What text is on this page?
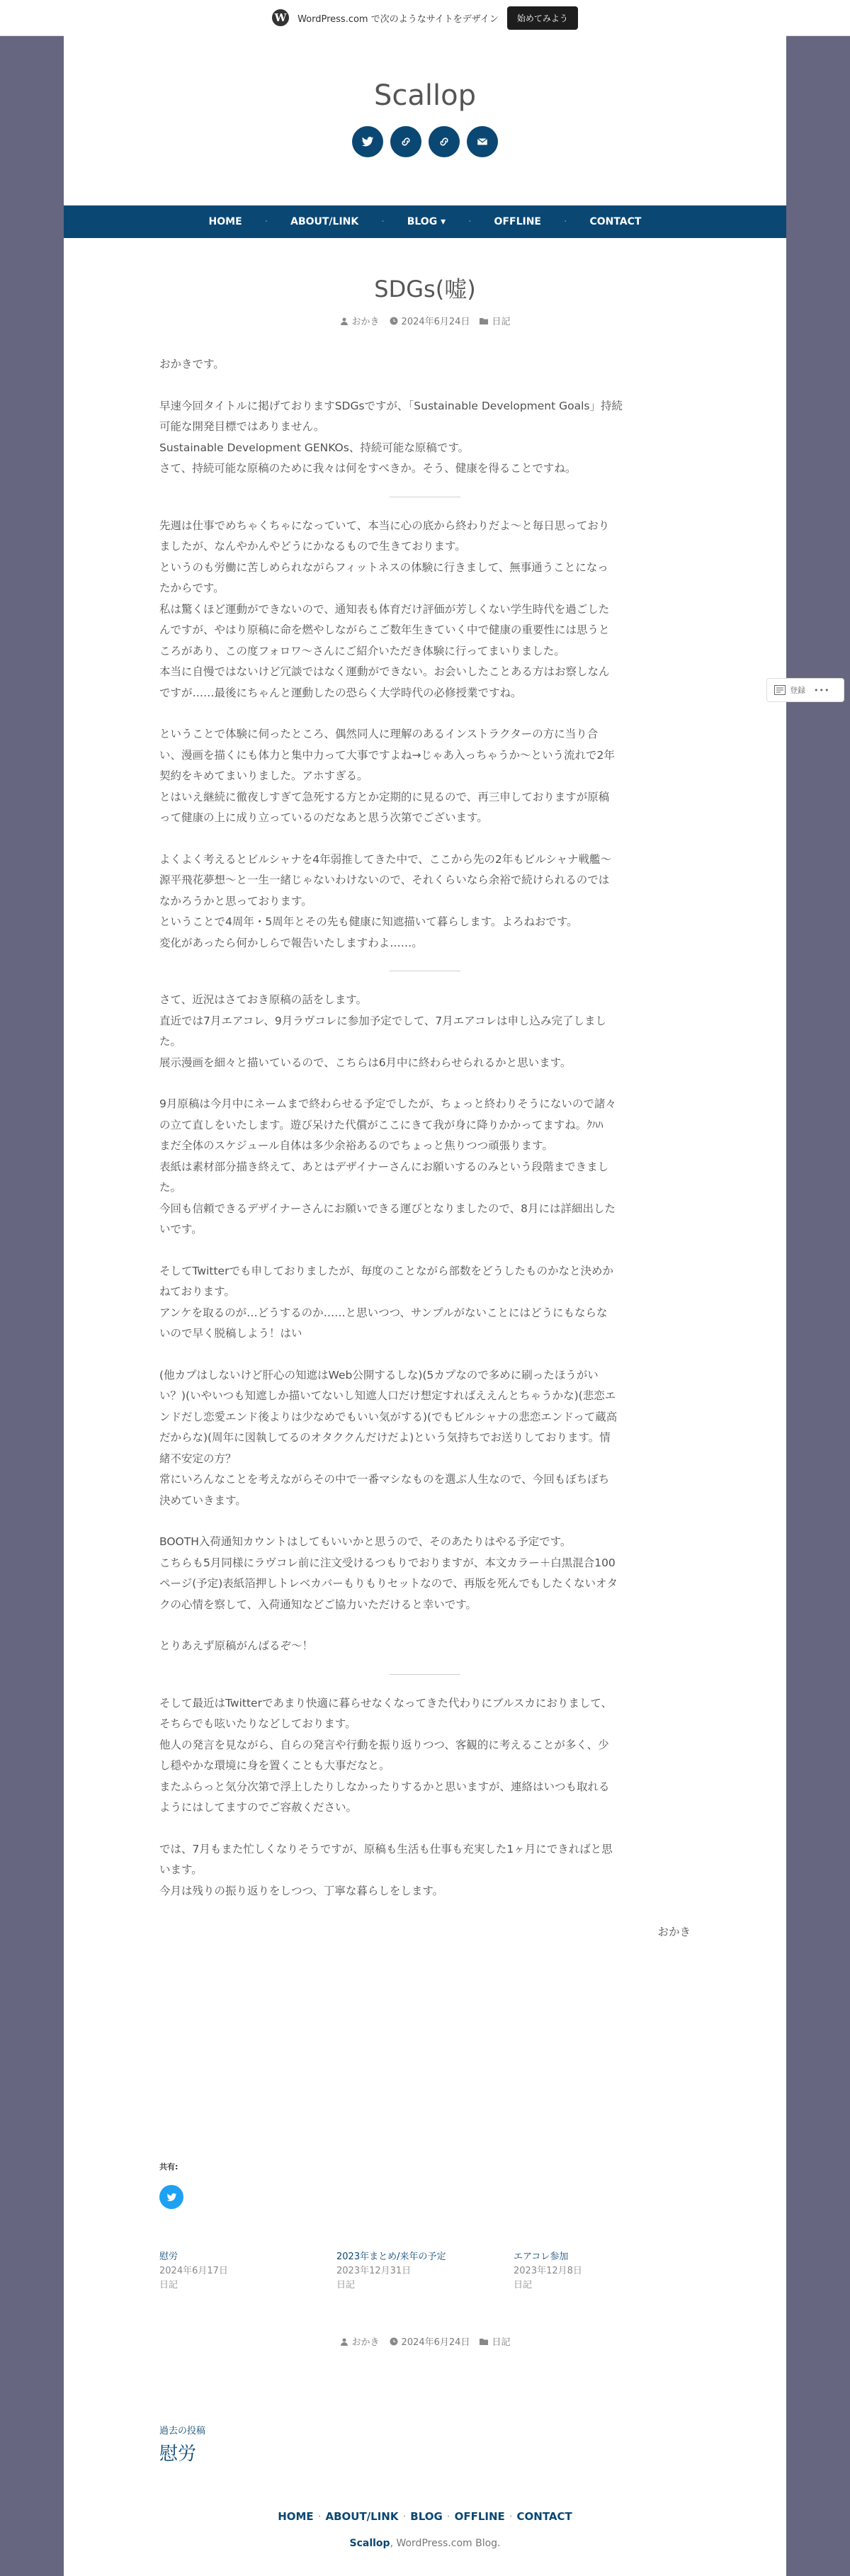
W WordPress.com で次のようなサイトをデザイン	始めてみよう
Scallop
HOME	·	ABOUT/LINK	·	BLOG ▾	·	OFFLINE	·	CONTACT
SDGs(嘘)
おかき 2024年6月24日 日記

おかきです。

早速今回タイトルに掲げておりますSDGsですが、「Sustainable Development Goals」持続
可能な開発目標ではありません。
Sustainable Development GENKOs、持続可能な原稿です。
さて、持続可能な原稿のために我々は何をすべきか。そう、健康を得ることですね。

先週は仕事でめちゃくちゃになっていて、本当に心の底から終わりだよ〜と毎日思っており
ましたが、なんやかんやどうにかなるもので生きております。
というのも労働に苦しめられながらフィットネスの体験に行きまして、無事通うことになっ
たからです。
私は驚くほど運動ができないので、通知表も体育だけ評価が芳しくない学生時代を過ごした
んですが、やはり原稿に命を燃やしながらこご数年生きていく中で健康の重要性には思うと
ころがあり、この度フォロワ〜さんにご紹介いただき体験に行ってまいりました。
本当に自慢ではないけど冗談ではなく運動ができない。お会いしたことある方はお察しなん
ですが……最後にちゃんと運動したの恐らく大学時代の必修授業ですね。

ということで体験に伺ったところ、偶然同人に理解のあるインストラクターの方に当り合
い、漫画を描くにも体力と集中力って大事ですよね→じゃあ入っちゃうか〜という流れで2年
契約をキめてまいりました。アホすぎる。
とはいえ継続に徹夜しすぎて急死する方とか定期的に見るので、再三申しておりますが原稿
って健康の上に成り立っているのだなあと思う次第でございます。

よくよく考えるとビルシャナを4年弱推してきた中で、ここから先の2年もビルシャナ戦艦〜
源平飛花夢想〜と一生一緒じゃないわけないので、それくらいなら余裕で続けられるのでは
なかろうかと思っております。
ということで4周年・5周年とその先も健康に知遮描いて暮らします。よろねおです。
変化があったら何かしらで報告いたしますわよ……。

さて、近況はさておき原稿の話をします。
直近では7月エアコレ、9月ラヴコレに参加予定でして、7月エアコレは申し込み完了しまし
た。
展示漫画を細々と描いているので、こちらは6月中に終わらせられるかと思います。

9月原稿は今月中にネームまで終わらせる予定でしたが、ちょっと終わりそうにないので諸々
の立て直しをいたします。遊び呆けた代償がここにきて我が身に降りかかってますね。ｸﾊﾊ
まだ全体のスケジュール自体は多少余裕あるのでちょっと焦りつつ頑張ります。
表紙は素材部分描き終えて、あとはデザイナーさんにお願いするのみという段階まできまし
た。
今回も信頼できるデザイナーさんにお願いできる運びとなりましたので、8月には詳細出した
いです。

そしてTwitterでも申しておりましたが、毎度のことながら部数をどうしたものかなと決めか
ねております。
アンケを取るのが…どうするのか……と思いつつ、サンプルがないことにはどうにもならな
いので早く脱稿しよう！はい

(他カプはしないけど肝心の知遮はWeb公開するしな)(5カプなので多めに刷ったほうがい
い？)(いやいつも知遮しか描いてないし知遮人口だけ想定すればええんとちゃうかな)(悲恋エ
ンドだし恋愛エンド後よりは少なめでもいい気がする)(でもビルシャナの悲恋エンドって蔵高
だからな)(周年に図執してるのオタククんだけだよ)という気持ちでお送りしております。情
緒不安定の方？
常にいろんなことを考えながらその中で一番マシなものを選ぶ人生なので、今回もぼちぼち
決めていきます。

BOOTH入荷通知カウントはしてもいいかと思うので、そのあたりはやる予定です。
こちらも5月同様にラヴコレ前に注文受けるつもりでおりますが、本文カラー＋白黒混合100
ページ(予定)表紙箔押しトレベカバーもりもりセットなので、再版を死んでもしたくないオタ
クの心情を察して、入荷通知などご協力いただけると幸いです。

とりあえず原稿がんばるぞ〜！

そして最近はTwitterであまり快適に暮らせなくなってきた代わりにブルスカにおりまして、
そちらでも呟いたりなどしております。
他人の発言を見ながら、自らの発言や行動を振り返りつつ、客観的に考えることが多く、少
し穏やかな環境に身を置くことも大事だなと。
またふらっと気分次第で浮上したりしなかったりするかと思いますが、連絡はいつも取れる
ようにはしてますのでご容赦ください。

では、7月もまた忙しくなりそうですが、原稿も生活も仕事も充実した1ヶ月にできればと思
います。
今月は残りの振り返りをしつつ、丁寧な暮らしをします。

おかき

共有:
慰労
2024年6月17日
日記
2023年まとめ/来年の予定
2023年12月31日
日記
エアコレ参加
2023年12月8日
日記
おかき 2024年6月24日 日記
過去の投稿
慰労
HOME · ABOUT/LINK · BLOG · OFFLINE · CONTACT
Scallop, WordPress.com Blog.
登録 •••
